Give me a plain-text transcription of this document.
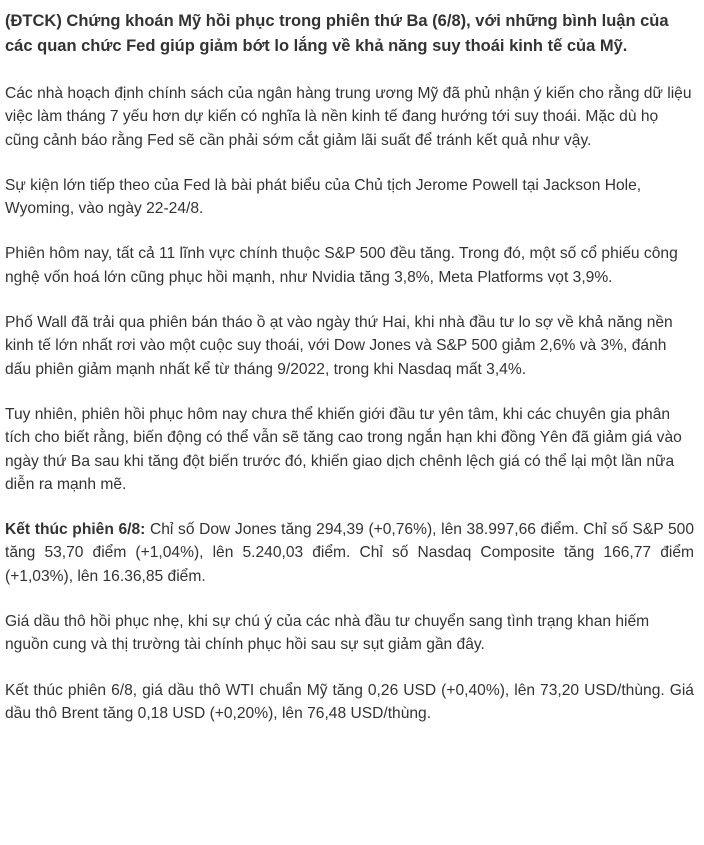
(ĐTCK) Chứng khoán Mỹ hồi phục trong phiên thứ Ba (6/8), với những bình luận của các quan chức Fed giúp giảm bớt lo lắng về khả năng suy thoái kinh tế của Mỹ.

Các nhà hoạch định chính sách của ngân hàng trung ương Mỹ đã phủ nhận ý kiến cho rằng dữ liệu việc làm tháng 7 yếu hơn dự kiến có nghĩa là nền kinh tế đang hướng tới suy thoái. Mặc dù họ cũng cảnh báo rằng Fed sẽ cần phải sớm cắt giảm lãi suất để tránh kết quả như vậy.

Sự kiện lớn tiếp theo của Fed là bài phát biểu của Chủ tịch Jerome Powell tại Jackson Hole, Wyoming, vào ngày 22-24/8.

Phiên hôm nay, tất cả 11 lĩnh vực chính thuộc S&P 500 đều tăng. Trong đó, một số cổ phiếu công nghệ vốn hoá lớn cũng phục hồi mạnh, như Nvidia tăng 3,8%, Meta Platforms vọt 3,9%.

Phố Wall đã trải qua phiên bán tháo ồ ạt vào ngày thứ Hai, khi nhà đầu tư lo sợ về khả năng nền kinh tế lớn nhất rơi vào một cuộc suy thoái, với Dow Jones và S&P 500 giảm 2,6% và 3%, đánh dấu phiên giảm mạnh nhất kể từ tháng 9/2022, trong khi Nasdaq mất 3,4%.

Tuy nhiên, phiên hồi phục hôm nay chưa thể khiến giới đầu tư yên tâm, khi các chuyên gia phân tích cho biết rằng, biến động có thể vẫn sẽ tăng cao trong ngắn hạn khi đồng Yên đã giảm giá vào ngày thứ Ba sau khi tăng đột biến trước đó, khiến giao dịch chênh lệch giá có thể lại một lần nữa diễn ra mạnh mẽ.

Kết thúc phiên 6/8: Chỉ số Dow Jones tăng 294,39 (+0,76%), lên 38.997,66 điểm. Chỉ số S&P 500 tăng 53,70 điểm (+1,04%), lên 5.240,03 điểm. Chỉ số Nasdaq Composite tăng 166,77 điểm (+1,03%), lên 16.36,85 điểm.

Giá dầu thô hồi phục nhẹ, khi sự chú ý của các nhà đầu tư chuyển sang tình trạng khan hiếm nguồn cung và thị trường tài chính phục hồi sau sự sụt giảm gần đây.

Kết thúc phiên 6/8, giá dầu thô WTI chuẩn Mỹ tăng 0,26 USD (+0,40%), lên 73,20 USD/thùng. Giá dầu thô Brent tăng 0,18 USD (+0,20%), lên 76,48 USD/thùng.
